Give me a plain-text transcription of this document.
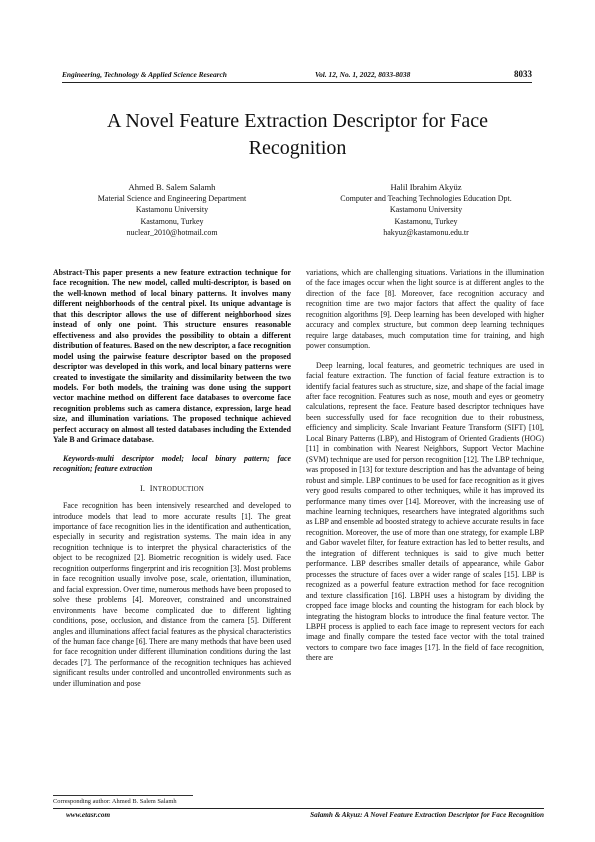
Engineering, Technology & Applied Science Research	Vol. 12, No. 1, 2022, 8033-8038	8033
A Novel Feature Extraction Descriptor for Face Recognition
Ahmed B. Salem Salamh
Material Science and Engineering Department
Kastamonu University
Kastamonu, Turkey
nuclear_2010@hotmail.com
Halil Ibrahim Akyüz
Computer and Teaching Technologies Education Dpt.
Kastamonu University
Kastamonu, Turkey
hakyuz@kastamonu.edu.tr

Abstract-This paper presents a new feature extraction technique for face recognition. The new model, called multi-descriptor, is based on the well-known method of local binary patterns. It involves many different neighborhoods of the central pixel. Its unique advantage is that this descriptor allows the use of different neighborhood sizes instead of only one point. This structure ensures reasonable effectiveness and also provides the possibility to obtain a different distribution of features. Based on the new descriptor, a face recognition model using the pairwise feature descriptor based on the proposed descriptor was developed in this work, and local binary patterns were created to investigate the similarity and dissimilarity between the two models. For both models, the training was done using the support vector machine method on different face databases to overcome face recognition problems such as camera distance, expression, large head size, and illumination variations. The proposed technique achieved perfect accuracy on almost all tested databases including the Extended Yale B and Grimace database.

Keywords-multi descriptor model; local binary pattern; face recognition; feature extraction

I. INTRODUCTION

Face recognition has been intensively researched and developed to introduce models that lead to more accurate results [1]. The great importance of face recognition lies in the identification and authentication, especially in security and registration systems. The main idea in any recognition technique is to interpret the physical characteristics of the object to be recognized [2]. Biometric recognition is widely used. Face recognition outperforms fingerprint and iris recognition [3]. Most problems in face recognition usually involve pose, scale, orientation, illumination, and facial expression. Over time, numerous methods have been proposed to solve these problems [4]. Moreover, constrained and unconstrained environments have become complicated due to different lighting conditions, pose, occlusion, and distance from the camera [5]. Different angles and illuminations affect facial features as the physical characteristics of the human face change [6]. There are many methods that have been used for face recognition under different illumination conditions during the last decades [7]. The performance of the recognition techniques has achieved significant results under controlled and uncontrolled environments such as under illumination and pose

variations, which are challenging situations. Variations in the illumination of the face images occur when the light source is at different angles to the direction of the face [8]. Moreover, face recognition accuracy and recognition time are two major factors that affect the quality of face recognition algorithms [9]. Deep learning has been developed with higher accuracy and complex structure, but common deep learning techniques require large databases, much computation time for training, and high power consumption.

Deep learning, local features, and geometric techniques are used in facial feature extraction. The function of facial feature extraction is to identify facial features such as structure, size, and shape of the facial image after face recognition. Features such as nose, mouth and eyes or geometry calculations, represent the face. Feature based descriptor techniques have been successfully used for face recognition due to their robustness, efficiency and simplicity. Scale Invariant Feature Transform (SIFT) [10], Local Binary Patterns (LBP), and Histogram of Oriented Gradients (HOG) [11] in combination with Nearest Neighbors, Support Vector Machine (SVM) technique are used for person recognition [12]. The LBP technique, was proposed in [13] for texture description and has the advantage of being robust and simple. LBP continues to be used for face recognition as it gives very good results compared to other techniques, while it has improved its performance many times over [14]. Moreover, with the increasing use of machine learning techniques, researchers have integrated algorithms such as LBP and ensemble ad boosted strategy to achieve accurate results in face recognition. Moreover, the use of more than one strategy, for example LBP and Gabor wavelet filter, for feature extraction has led to better results, and the integration of different techniques is said to give much better performance. LBP describes smaller details of appearance, while Gabor processes the structure of faces over a wider range of scales [15]. LBP is recognized as a powerful feature extraction method for face recognition and texture classification [16]. LBPH uses a histogram by dividing the cropped face image blocks and counting the histogram for each block by integrating the histogram blocks to introduce the final feature vector. The LBPH process is applied to each face image to represent vectors for each image and finally compare the tested face vector with the total trained vectors to compare two face images [17]. In the field of face recognition, there are

Corresponding author: Ahmed B. Salem Salamh
www.etasr.com	Salamh & Akyuz: A Novel Feature Extraction Descriptor for Face Recognition
